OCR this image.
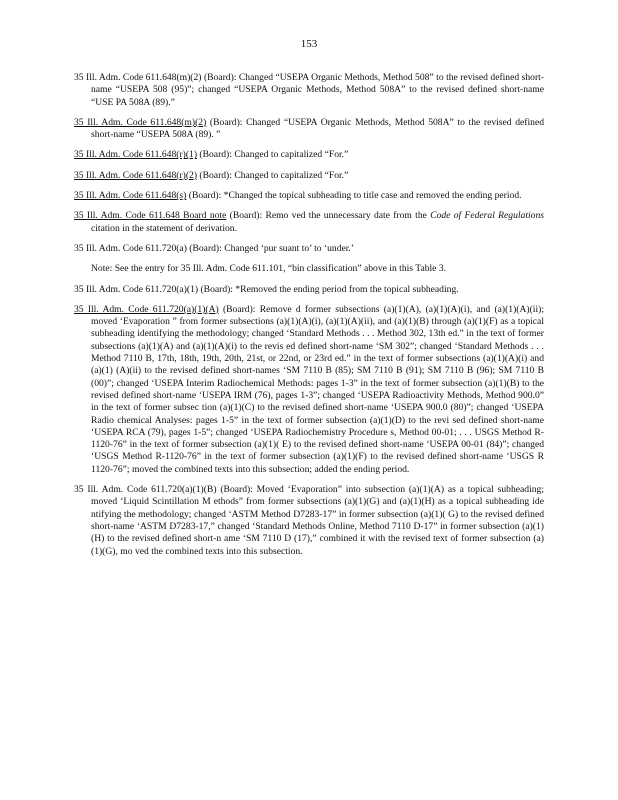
153

35 Ill. Adm. Code 611.648(m)(2) (Board): Changed “USEPA Organic Methods, Method 508” to the revised defined short-name “USEPA 508 (95)”; changed “USEPA Organic Methods, Method 508A” to the revised defined short-name “USE PA 508A (89).”

35 Ill. Adm. Code 611.648(m)(2) (Board): Changed “USEPA Organic Methods, Method 508A” to the revised defined short-name “USEPA 508A (89). ”

35 Ill. Adm. Code 611.648(r)(1) (Board): Changed to capitalized “For.”

35 Ill. Adm. Code 611.648(r)(2) (Board): Changed to capitalized “For.”

35 Ill. Adm. Code 611.648(s) (Board): *Changed the topical subheading to title case and removed the ending period.

35 Ill. Adm. Code 611.648 Board note (Board): Remo ved the unnecessary date from the Code of Federal Regulations citation in the statement of derivation.

35 Ill. Adm. Code 611.720(a) (Board): Changed ‘pur suant to’ to ‘under.’

Note: See the entry for 35 Ill. Adm. Code 611.101, “bin classification” above in this Table 3.

35 Ill. Adm. Code 611.720(a)(1) (Board): *Removed the ending period from the topical subheading.

35 Ill. Adm. Code 611.720(a)(1)(A) (Board): Remove d former subsections (a)(1)(A), (a)(1)(A)(i), and (a)(1)(A)(ii); moved ‘Evaporation ” from former subsections (a)(1)(A)(i), (a)(1)(A)(ii), and (a)(1)(B) through (a)(1)(F) as a topical subheading identifying the methodology; changed ‘Standard Methods . . . Method 302, 13th ed.” in the text of former subsections (a)(1)(A) and (a)(1)(A)(i) to the revis ed defined short-name ‘SM 302”; changed ‘Standard Methods . . . Method 7110 B, 17th, 18th, 19th, 20th, 21st, or 22nd, or 23rd ed.” in the text of former subsections (a)(1)(A)(i) and (a)(1) (A)(ii) to the revised defined short-names ‘SM 7110 B (85); SM 7110 B (91); SM 7110 B (96); SM 7110 B (00)”; changed ‘USEPA Interim Radiochemical Methods: pages 1-3” in the text of former subsection (a)(1)(B) to the revised defined short-name ‘USEPA IRM (76), pages 1-3”; changed ‘USEPA Radioactivity Methods, Method 900.0” in the text of former subsec tion (a)(1)(C) to the revised defined short-name ‘USEPA 900.0 (80)”; changed ‘USEPA Radio chemical Analyses: pages 1-5” in the text of former subsection (a)(1)(D) to the revi sed defined short-name ‘USEPA RCA (79), pages 1-5”; changed ‘USEPA Radiochemistry Procedure s, Method 00-01; . . . USGS Method R-1120-76” in the text of former subsection (a)(1)( E) to the revised defined short-name ‘USEPA 00-01 (84)”; changed ‘USGS Method R-1120-76” in the text of former subsection (a)(1)(F) to the revised defined short-name ‘USGS R 1120-76”; moved the combined texts into this subsection; added the ending period.

35 Ill. Adm. Code 611.720(a)(1)(B) (Board): Moved ‘Evaporation” into subsection (a)(1)(A) as a topical subheading; moved ‘Liquid Scintillation M ethods” from former subsections (a)(1)(G) and (a)(1)(H) as a topical subheading ide ntifying the methodology; changed ‘ASTM Method D7283-17” in former subsection (a)(1)( G) to the revised defined short-name ‘ASTM D7283-17,” changed ‘Standard Methods Online, Method 7110 D-17” in former subsection (a)(1)(H) to the revised defined short-n ame ‘SM 7110 D (17),” combined it with the revised text of former subsection (a)(1)(G), mo ved the combined texts into this subsection.
